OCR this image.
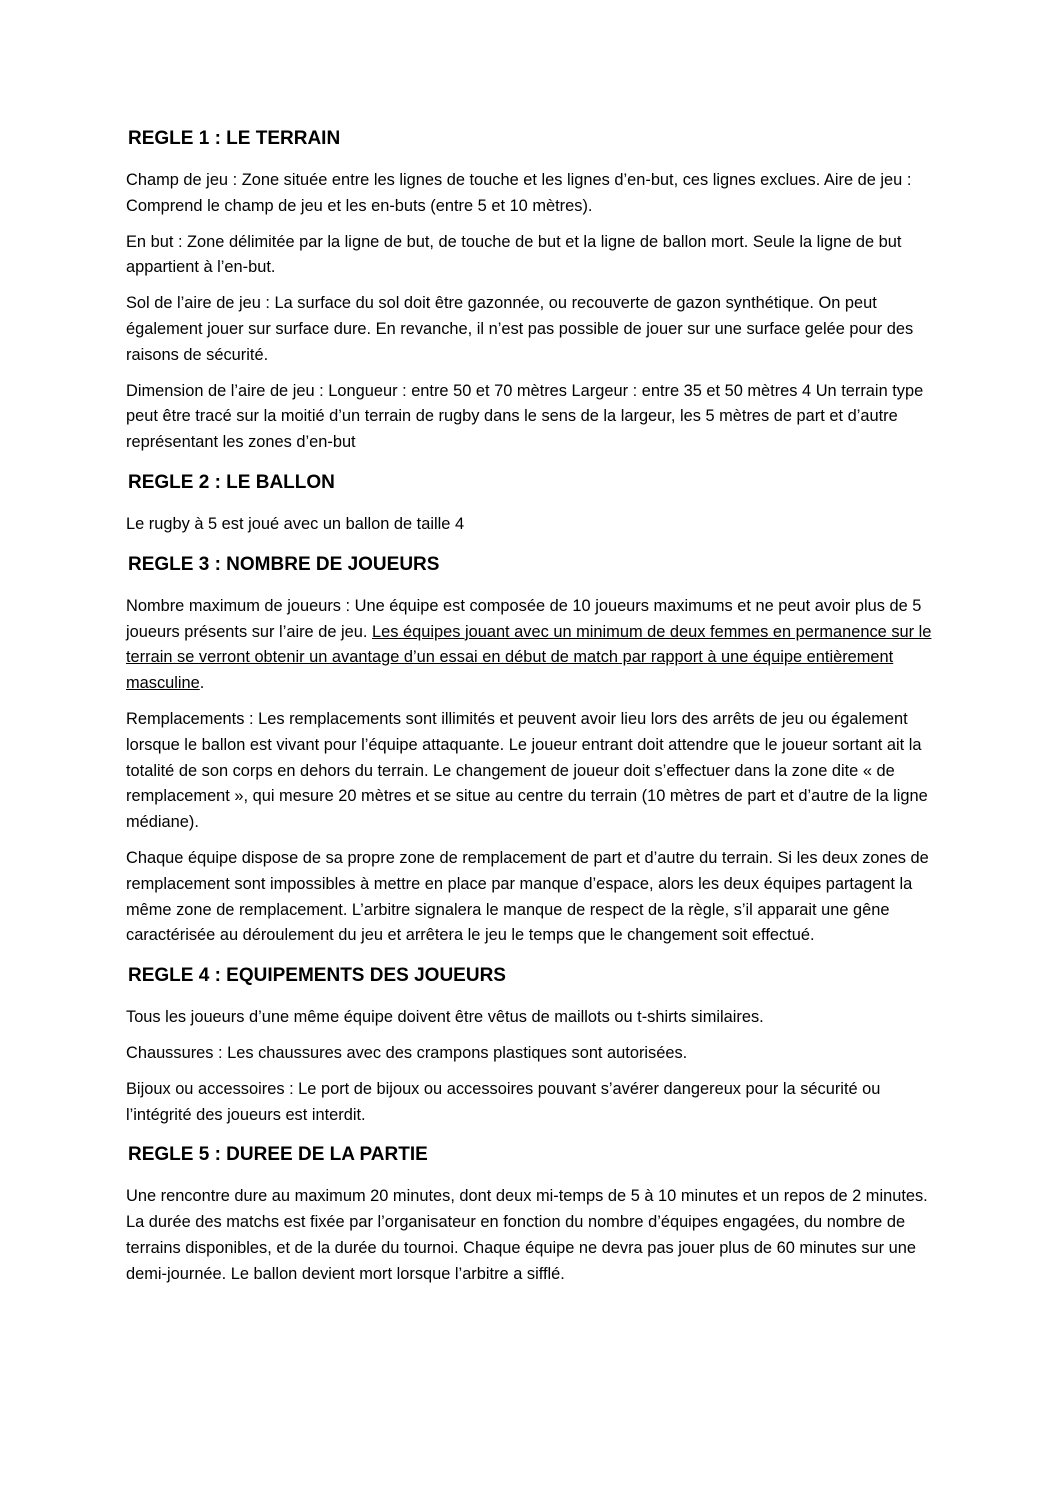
REGLE 1 : LE TERRAIN

Champ de jeu : Zone située entre les lignes de touche et les lignes d’en-but, ces lignes exclues. Aire de jeu : Comprend le champ de jeu et les en-buts (entre 5 et 10 mètres).

En but : Zone délimitée par la ligne de but, de touche de but et la ligne de ballon mort. Seule la ligne de but appartient à l’en-but.

Sol de l’aire de jeu : La surface du sol doit être gazonnée, ou recouverte de gazon synthétique. On peut également jouer sur surface dure. En revanche, il n’est pas possible de jouer sur une surface gelée pour des raisons de sécurité.

Dimension de l’aire de jeu : Longueur : entre 50 et 70 mètres Largeur : entre 35 et 50 mètres 4 Un terrain type peut être tracé sur la moitié d’un terrain de rugby dans le sens de la largeur, les 5 mètres de part et d’autre représentant les zones d’en-but

REGLE 2 : LE BALLON

Le rugby à 5 est joué avec un ballon de taille 4

REGLE 3 : NOMBRE DE JOUEURS

Nombre maximum de joueurs : Une équipe est composée de 10 joueurs maximums et ne peut avoir plus de 5 joueurs présents sur l’aire de jeu. Les équipes jouant avec un minimum de deux femmes en permanence sur le terrain se verront obtenir un avantage d’un essai en début de match par rapport à une équipe entièrement masculine.

Remplacements : Les remplacements sont illimités et peuvent avoir lieu lors des arrêts de jeu ou également lorsque le ballon est vivant pour l’équipe attaquante. Le joueur entrant doit attendre que le joueur sortant ait la totalité de son corps en dehors du terrain. Le changement de joueur doit s’effectuer dans la zone dite « de remplacement », qui mesure 20 mètres et se situe au centre du terrain (10 mètres de part et d’autre de la ligne médiane).

Chaque équipe dispose de sa propre zone de remplacement de part et d’autre du terrain. Si les deux zones de remplacement sont impossibles à mettre en place par manque d’espace, alors les deux équipes partagent la même zone de remplacement. L’arbitre signalera le manque de respect de la règle, s’il apparait une gêne caractérisée au déroulement du jeu et arrêtera le jeu le temps que le changement soit effectué.

REGLE 4 : EQUIPEMENTS DES JOUEURS

Tous les joueurs d’une même équipe doivent être vêtus de maillots ou t-shirts similaires.

Chaussures : Les chaussures avec des crampons plastiques sont autorisées.

Bijoux ou accessoires : Le port de bijoux ou accessoires pouvant s’avérer dangereux pour la sécurité ou l’intégrité des joueurs est interdit.

REGLE 5 : DUREE DE LA PARTIE

Une rencontre dure au maximum 20 minutes, dont deux mi-temps de 5 à 10 minutes et un repos de 2 minutes. La durée des matchs est fixée par l’organisateur en fonction du nombre d’équipes engagées, du nombre de terrains disponibles, et de la durée du tournoi. Chaque équipe ne devra pas jouer plus de 60 minutes sur une demi-journée. Le ballon devient mort lorsque l’arbitre a sifflé.
